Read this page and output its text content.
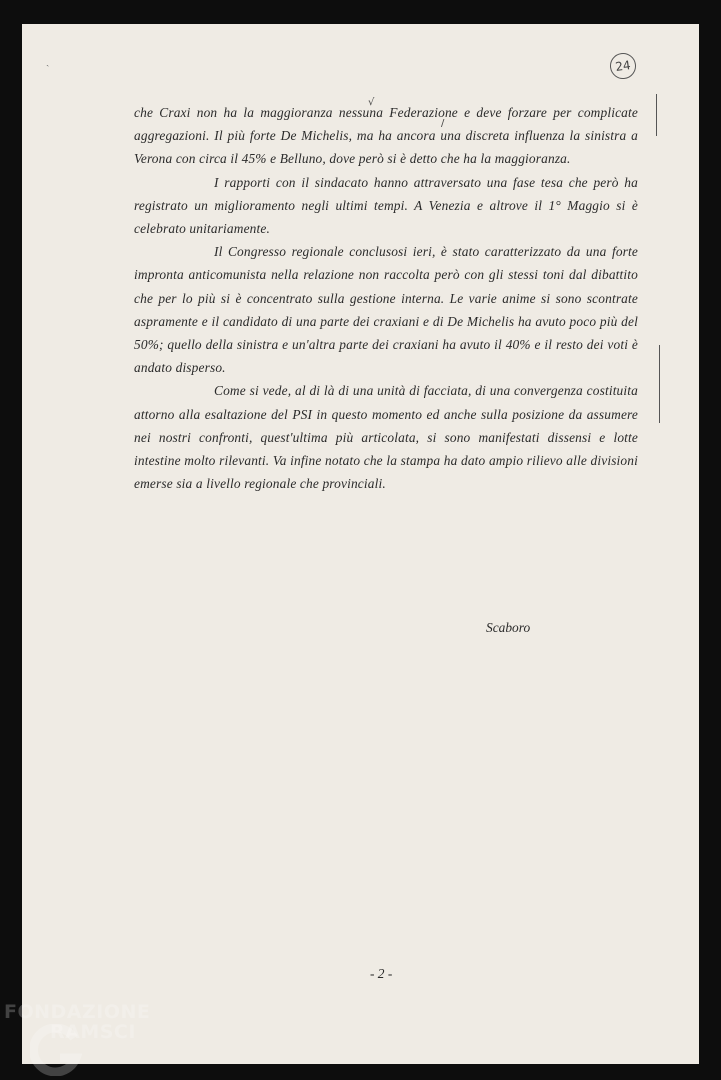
ˎ	24
√
/

che Craxi non ha la maggioranza nessuna Federazione e deve forzare per complicate aggregazioni. Il più forte De Michelis, ma ha ancora una discreta influenza la sinistra a Verona con circa il 45% e Belluno, dove però si è detto che ha la maggioranza.

I rapporti con il sindacato hanno attraversato una fase tesa che però ha registrato un miglioramento negli ultimi tempi. A Venezia e altrove il 1° Maggio si è celebrato unitariamente.

Il Congresso regionale conclusosi ieri, è stato caratterizzato da una forte impronta anticomunista nella relazione non raccolta però con gli stessi toni dal dibattito che per lo più si è concentrato sulla gestione interna. Le varie anime si sono scontrate aspramente e il candidato di una parte dei craxiani e di De Michelis ha avuto poco più del 50%; quello della sinistra e un'altra parte dei craxiani ha avuto il 40% e il resto dei voti è andato disperso.

Come si vede, al di là di una unità di facciata, di una convergenza costituita attorno alla esaltazione del PSI in questo momento ed anche sulla posizione da assumere nei nostri confronti, quest'ultima più articolata, si sono manifestati dissensi e lotte intestine molto rilevanti. Va infine notato che la stampa ha dato ampio rilievo alle divisioni emerse sia a livello regionale che provinciali.

Scaboro
- 2 -
FONDAZIONE
RAMSCI
